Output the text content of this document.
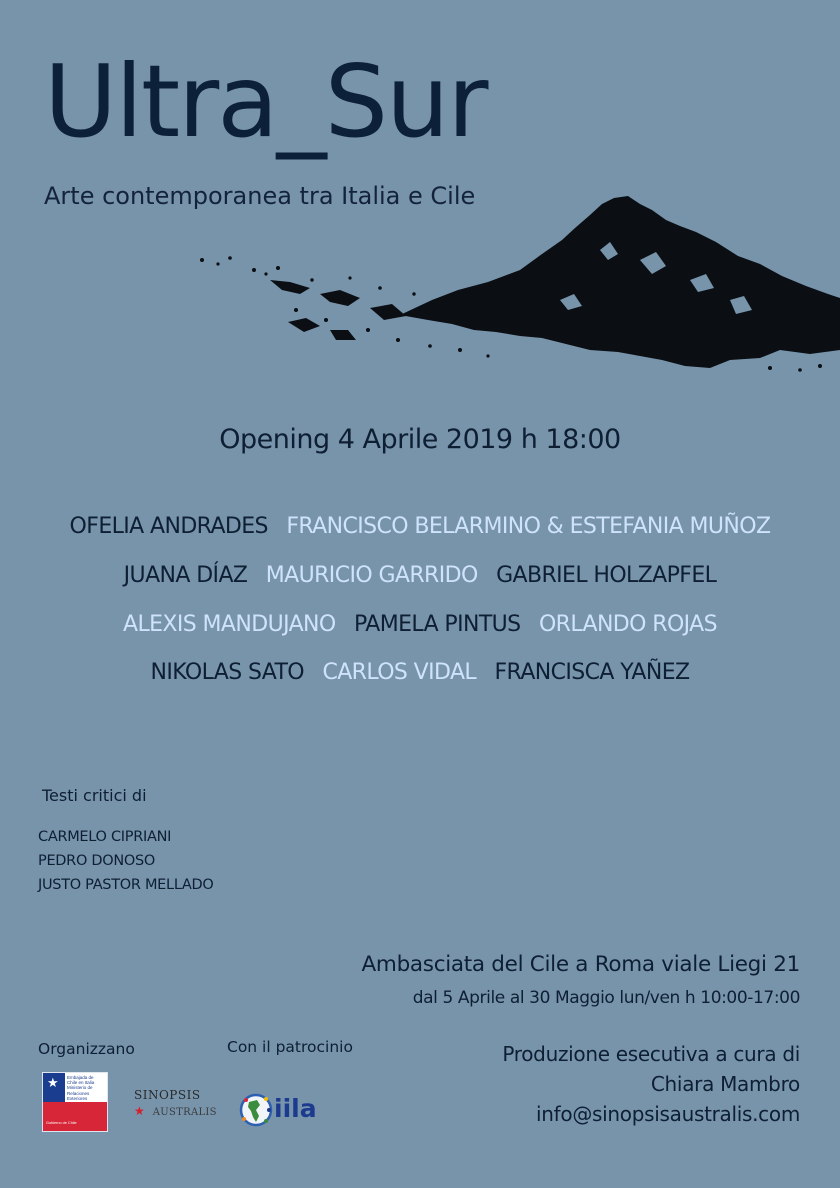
Ultra_Sur
Arte contemporanea tra Italia e Cile
Opening 4 Aprile 2019 h 18:00
OFELIA ANDRADES FRANCISCO BELARMINO & ESTEFANIA MUÑOZ
JUANA DÍAZ MAURICIO GARRIDO GABRIEL HOLZAPFEL
ALEXIS MANDUJANO PAMELA PINTUS ORLANDO ROJAS
NIKOLAS SATO CARLOS VIDAL FRANCISCA YAÑEZ
Testi critici di
CARMELO CIPRIANI
PEDRO DONOSO
JUSTO PASTOR MELLADO
Ambasciata del Cile a Roma viale Liegi 21
dal 5 Aprile al 30 Maggio lun/ven h 10:00-17:00
Organizzano	Con il patrocinio	Produzione esecutiva a cura di
Chiara Mambro
info@sinopsisaustralis.com
★ Embajada de
Chile en Italia
Ministerio de
Relaciones Exteriores
Gobierno de Chile
SINOPSIS
★ AUSTRALIS iila
